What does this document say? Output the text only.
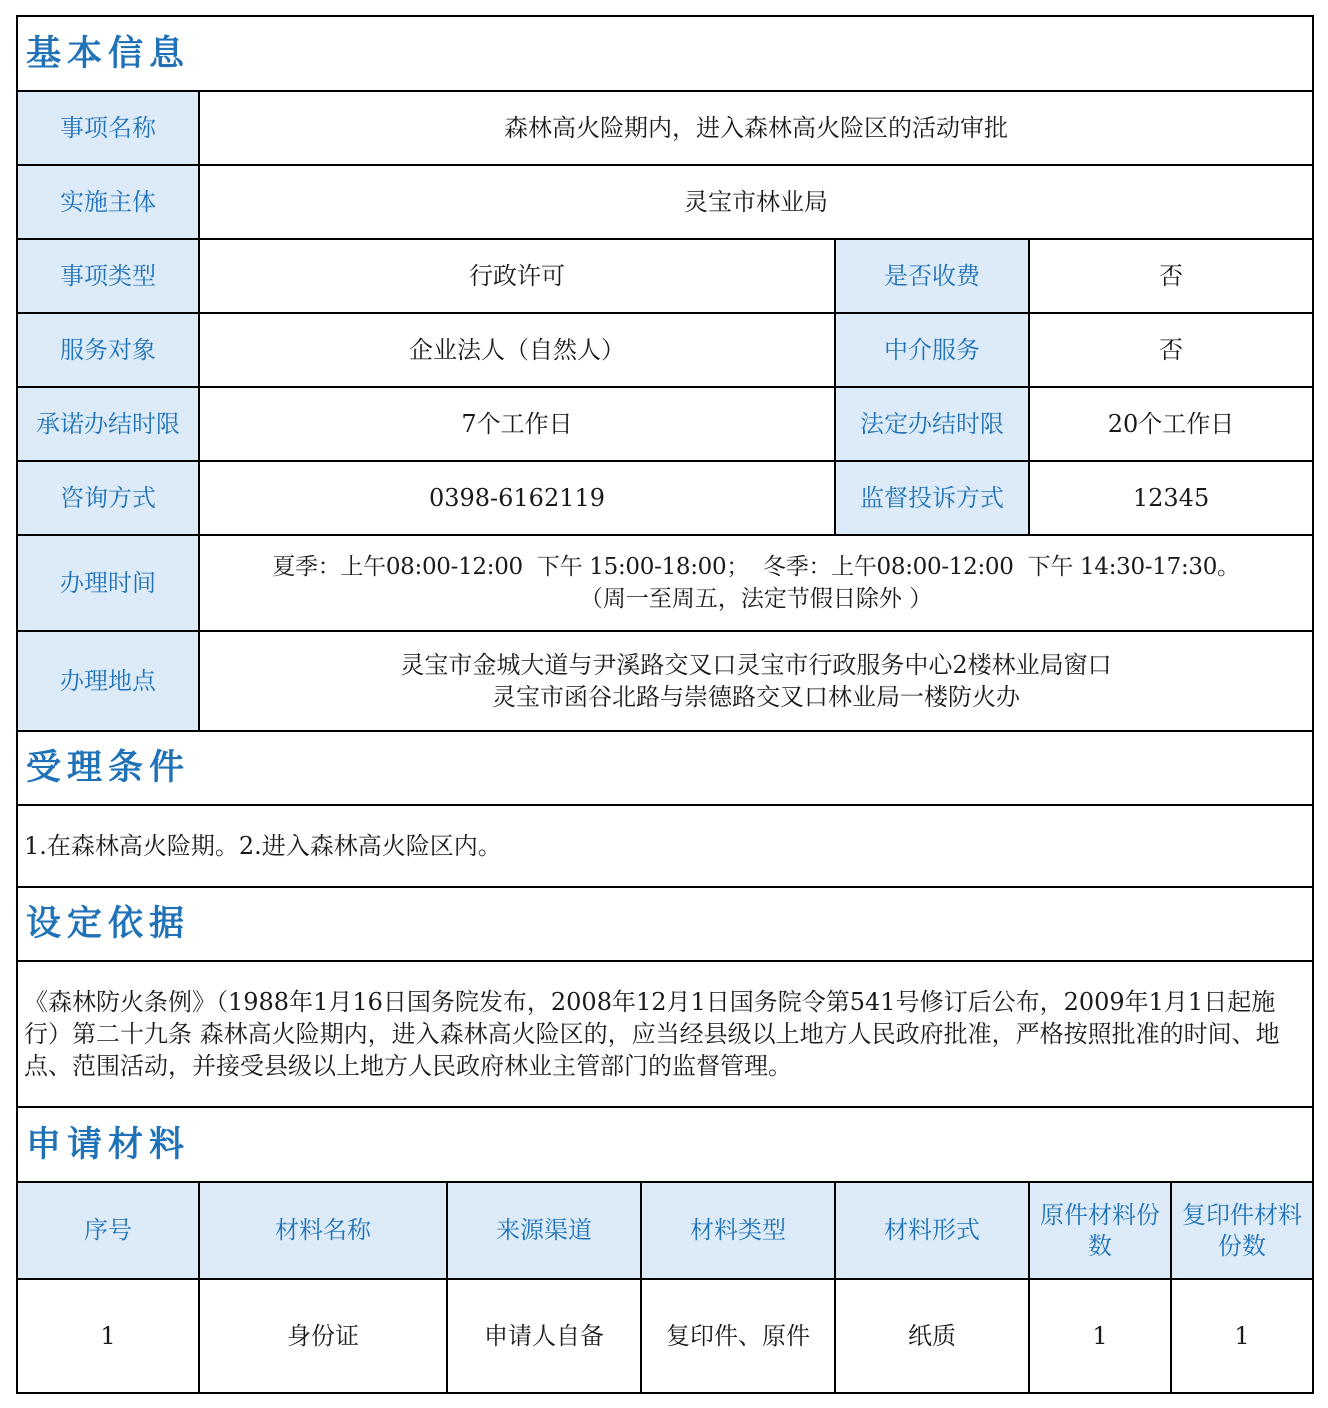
基本信息						
事项名称	森林高火险期内，进入森林高火险区的活动审批					
实施主体	灵宝市林业局					
事项类型	行政许可			是否收费	否	
服务对象	企业法人（自然人）			中介服务	否	
承诺办结时限	7个工作日			法定办结时限	20个工作日	
咨询方式	0398-6162119			监督投诉方式	12345	
办理时间	夏季：上午08:00-12:00  下午 15:00-18:00；  冬季：上午08:00-12:00  下午 14:30-17:30。
（周一至周五，法定节假日除外 ）					

办理地点	灵宝市金城大道与尹溪路交叉口灵宝市行政服务中心2楼林业局窗口
灵宝市函谷北路与崇德路交叉口林业局一楼防火办					

受理条件						
1.在森林高火险期。2.进入森林高火险区内。						
设定依据						
《森林防火条例》（1988年1月16日国务院发布，2008年12月1日国务院令第541号修订后公布，2009年1月1日起施行）第二十九条 森林高火险期内，进入森林高火险区的，应当经县级以上地方人民政府批准，严格按照批准的时间、地点、范围活动，并接受县级以上地方人民政府林业主管部门的监督管理。						
申请材料						
序号	材料名称	来源渠道	材料类型	材料形式	原件材料份数	复印件材料份数
1	身份证	申请人自备	复印件、原件	纸质	1	1
